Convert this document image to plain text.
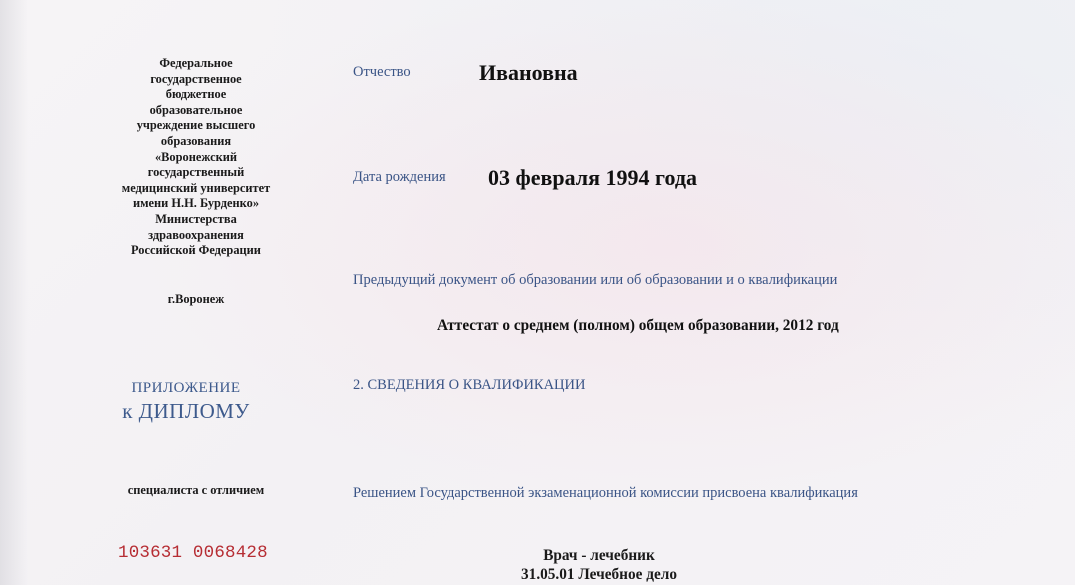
Федеральное
государственное
бюджетное
образовательное
учреждение высшего
образования
«Воронежский
государственный
медицинский университет
имени Н.Н. Бурденко»
Министерства
здравоохранения
Российской Федерации
г.Воронеж
ПРИЛОЖЕНИЕ
к ДИПЛОМУ
специалиста с отличием
103631 0068428
Отчество	Ивановна
Дата рождения 03 февраля 1994 года
Предыдущий документ об образовании или об образовании и о квалификации
Аттестат о среднем (полном) общем образовании, 2012 год
2. СВЕДЕНИЯ О КВАЛИФИКАЦИИ
Решением Государственной экзаменационной комиссии присвоена квалификация
Врач - лечебник
31.05.01 Лечебное дело
